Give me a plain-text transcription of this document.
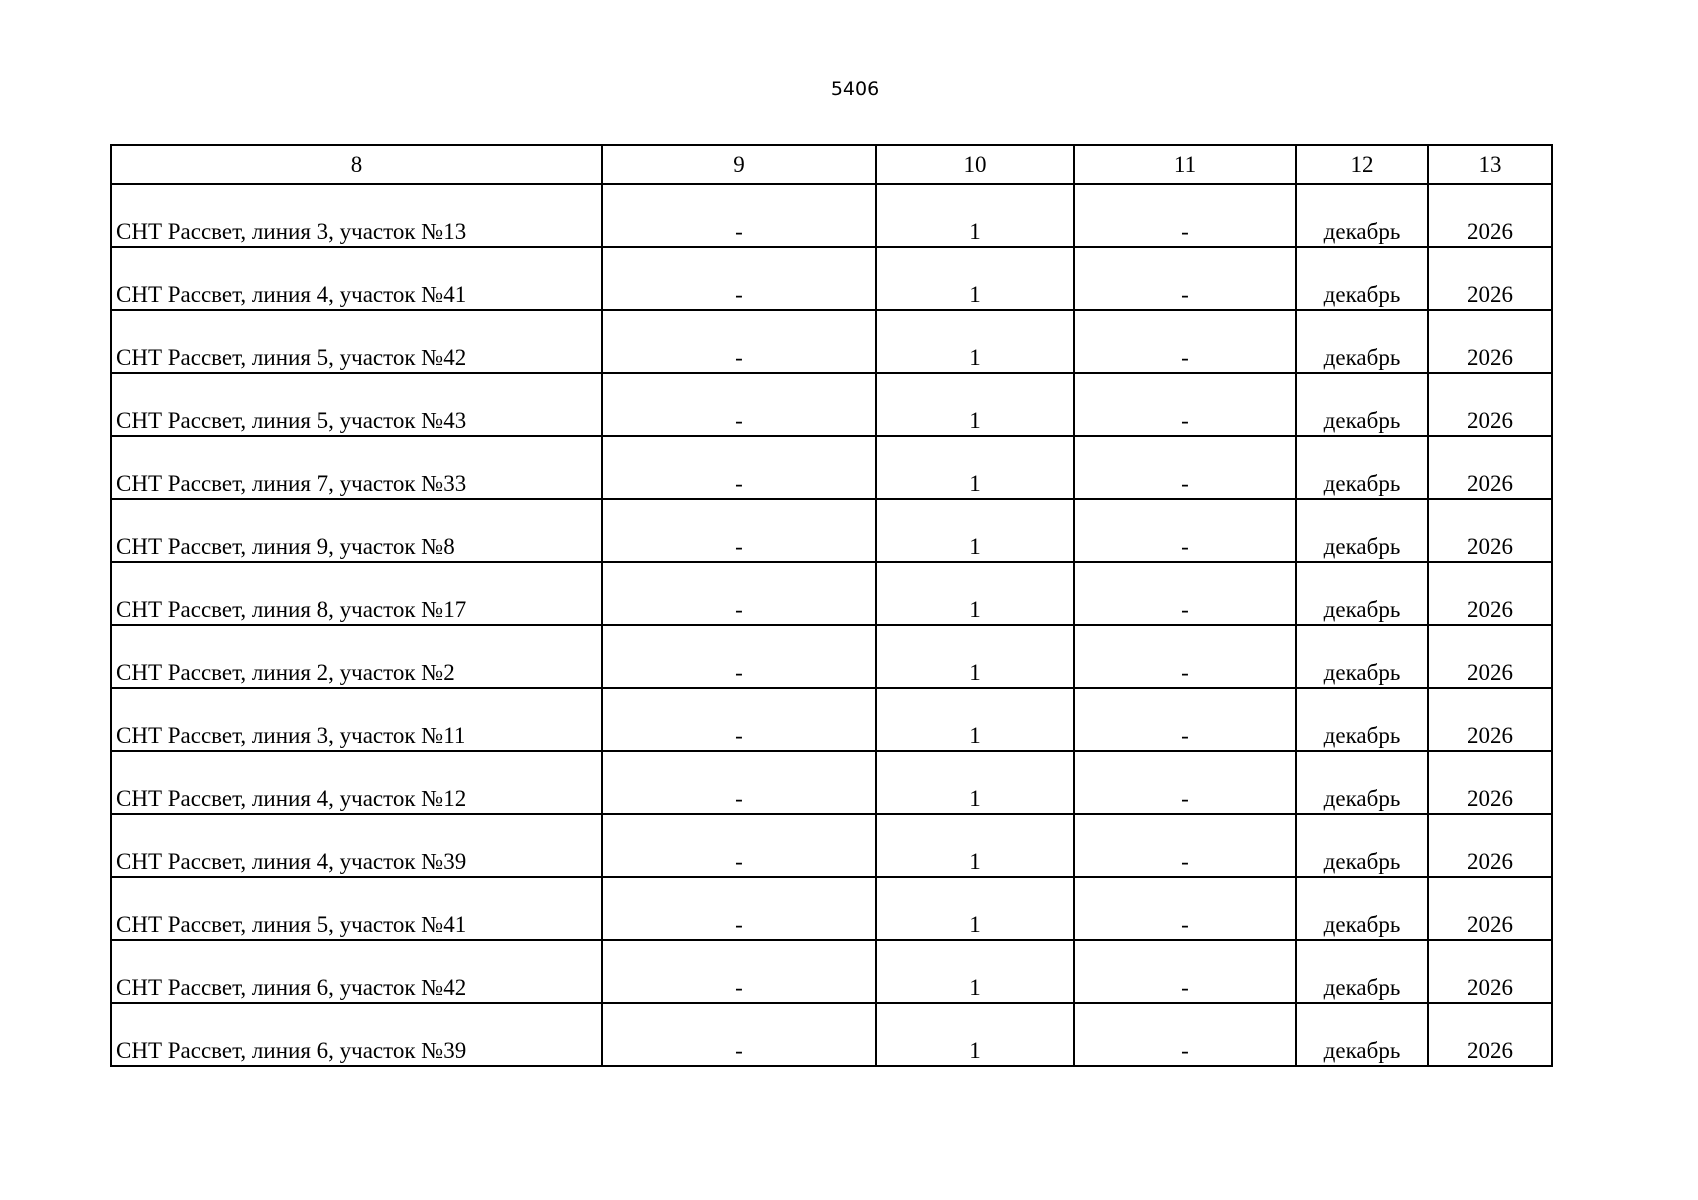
5406
8	9	10	11	12	13
СНТ Рассвет, линия 3, участок №13	-	1	-	декабрь	2026
СНТ Рассвет, линия 4, участок №41	-	1	-	декабрь	2026
СНТ Рассвет, линия 5, участок №42	-	1	-	декабрь	2026
СНТ Рассвет, линия 5, участок №43	-	1	-	декабрь	2026
СНТ Рассвет, линия 7, участок №33	-	1	-	декабрь	2026
СНТ Рассвет, линия 9, участок №8	-	1	-	декабрь	2026
СНТ Рассвет, линия 8, участок №17	-	1	-	декабрь	2026
СНТ Рассвет, линия 2, участок №2	-	1	-	декабрь	2026
СНТ Рассвет, линия 3, участок №11	-	1	-	декабрь	2026
СНТ Рассвет, линия 4, участок №12	-	1	-	декабрь	2026
СНТ Рассвет, линия 4, участок №39	-	1	-	декабрь	2026
СНТ Рассвет, линия 5, участок №41	-	1	-	декабрь	2026
СНТ Рассвет, линия 6, участок №42	-	1	-	декабрь	2026
СНТ Рассвет, линия 6, участок №39	-	1	-	декабрь	2026
